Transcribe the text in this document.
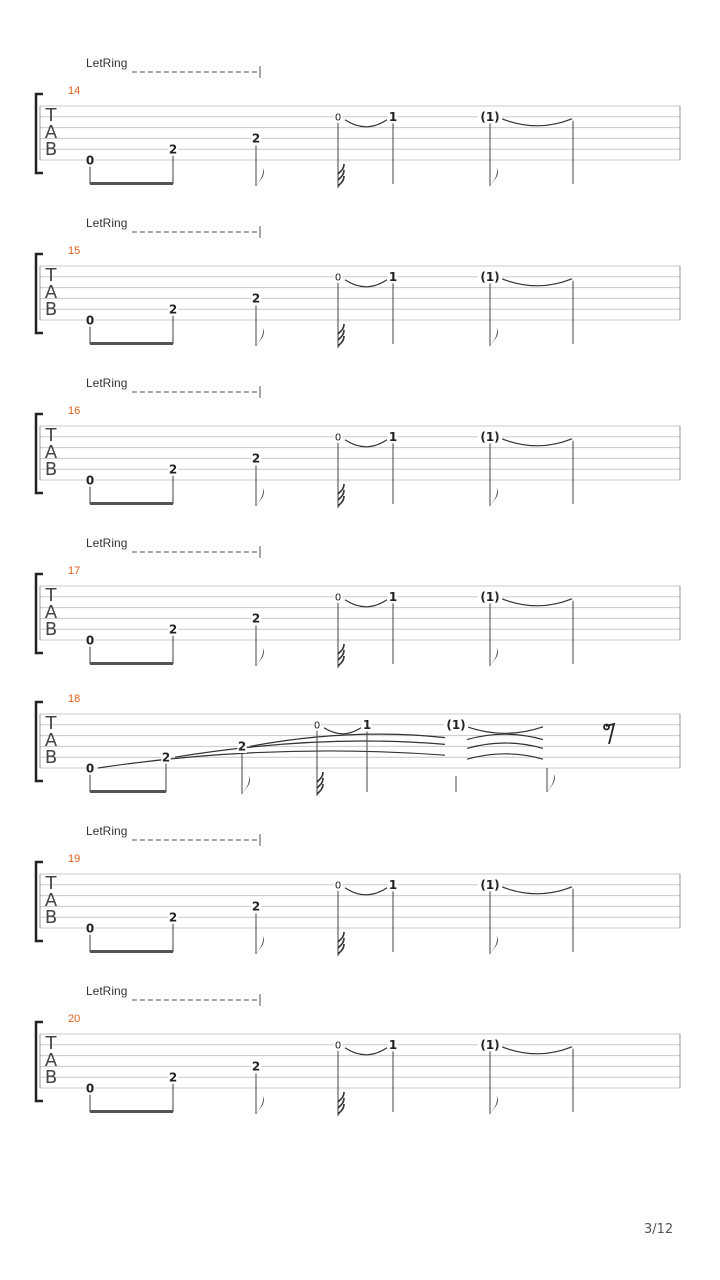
LetRing
14
T
A
B
0
2
2
0	1	(1)
LetRing
15
T
A
B
0
2
2
0	1	(1)
LetRing
16
T
A
B
0
2
2
0	1	(1)
LetRing
17
T
A
B
0
2
2
0	1	(1)
18
T
A
B
0
2
2
0	1	(1)
LetRing
19
T
A
B
0
2
2
0	1	(1)
LetRing
20
T
A
B
0
2
2
0	1	(1)
3/12
